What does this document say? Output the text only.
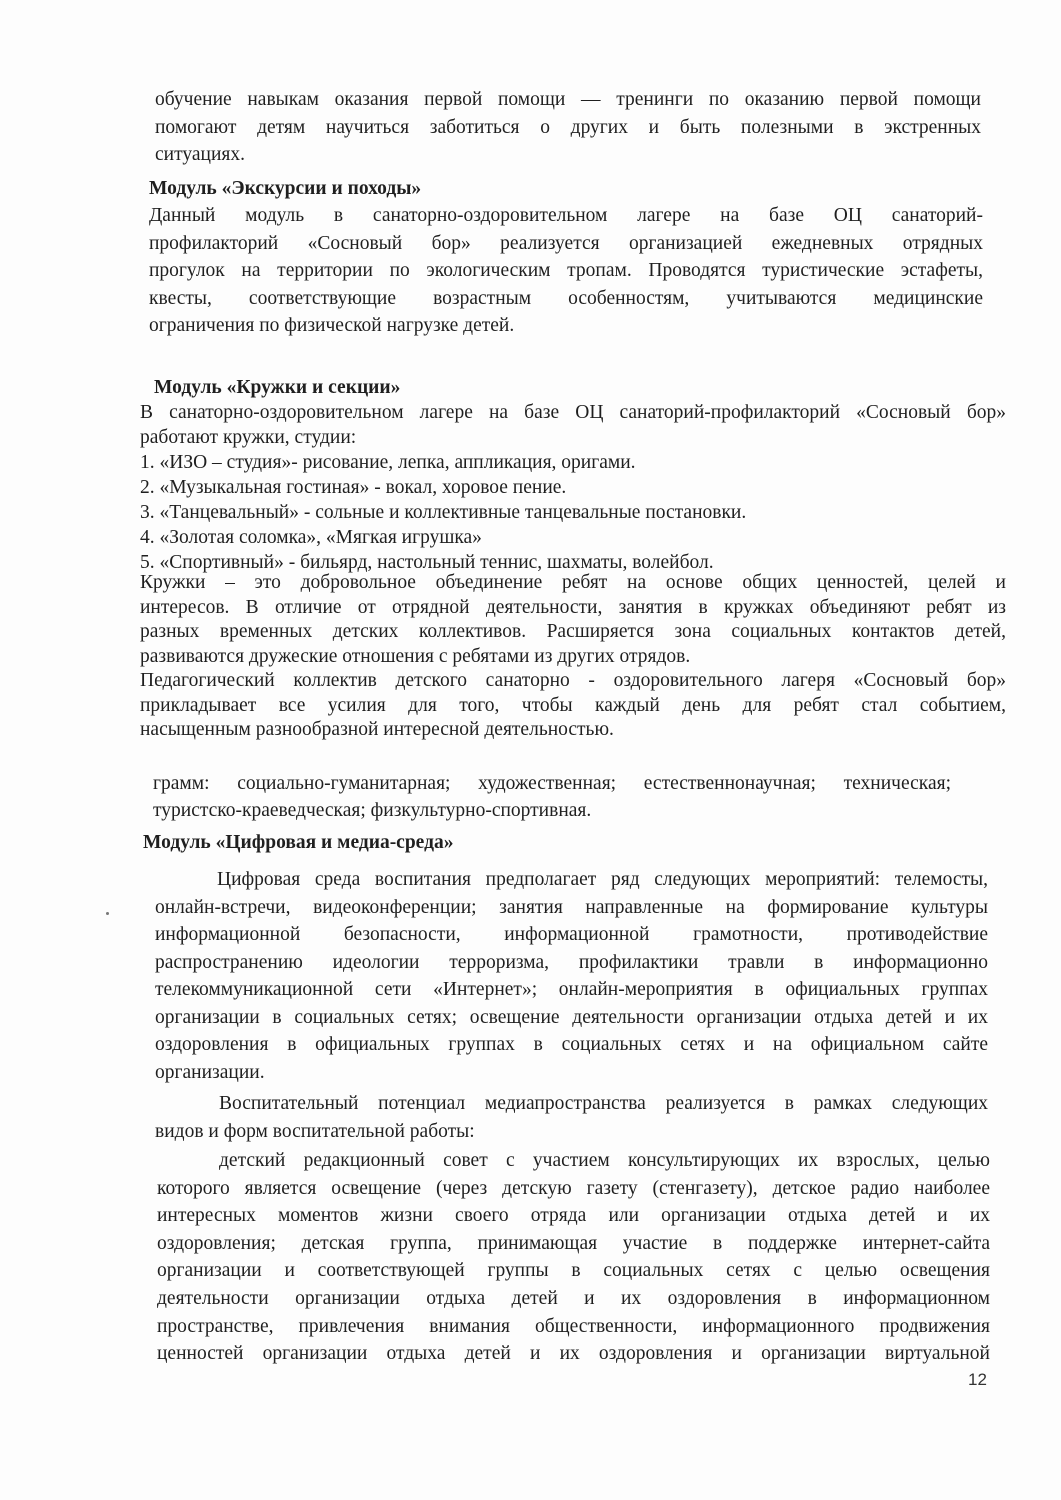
обучение навыкам оказания первой помощи — тренинги по оказанию первой помощи
помогают детям научиться заботиться о других и быть полезными в экстренных
ситуациях.
Модуль «Экскурсии и походы»
Данный модуль в санаторно-оздоровительном лагере на базе ОЦ санаторий-
профилакторий «Сосновый бор» реализуется организацией ежедневных отрядных
прогулок на территории по экологическим тропам. Проводятся туристические эстафеты,
квесты, соответствующие возрастным особенностям, учитываются медицинские
ограничения по физической нагрузке детей.
Модуль «Кружки и секции»
В санаторно-оздоровительном лагере на базе ОЦ санаторий-профилакторий «Сосновый бор»
работают кружки, студии:
1. «ИЗО – студия»- рисование, лепка, аппликация, оригами.
2. «Музыкальная гостиная» - вокал, хоровое пение.
3. «Танцевальный» - сольные и коллективные танцевальные постановки.
4. «Золотая соломка», «Мягкая игрушка»
5. «Спортивный» - бильярд, настольный теннис, шахматы, волейбол.
Кружки – это добровольное объединение ребят на основе общих ценностей, целей и
интересов. В отличие от отрядной деятельности, занятия в кружках объединяют ребят из
разных временных детских коллективов. Расширяется зона социальных контактов детей,
развиваются дружеские отношения с ребятами из других отрядов.
Педагогический коллектив детского санаторно - оздоровительного лагеря «Сосновый бор»
прикладывает все усилия для того, чтобы каждый день для ребят стал событием,
насыщенным разнообразной интересной деятельностью.
грамм: социально-гуманитарная; художественная; естественнонаучная; техническая;
туристско-краеведческая; физкультурно-спортивная.
Модуль «Цифровая и медиа-среда»
Цифровая среда воспитания предполагает ряд следующих мероприятий: телемосты,
онлайн-встречи, видеоконференции; занятия направленные на формирование культуры
информационной безопасности, информационной грамотности, противодействие
распространению идеологии терроризма, профилактики травли в информационно
телекоммуникационной сети «Интернет»; онлайн-мероприятия в официальных группах
организации в социальных сетях; освещение деятельности организации отдыха детей и их
оздоровления в официальных группах в социальных сетях и на официальном сайте
организации.
Воспитательный потенциал медиапространства реализуется в рамках следующих
видов и форм воспитательной работы:
детский редакционный совет с участием консультирующих их взрослых, целью
которого является освещение (через детскую газету (стенгазету), детское радио наиболее
интересных моментов жизни своего отряда или организации отдыха детей и их
оздоровления; детская группа, принимающая участие в поддержке интернет-сайта
организации и соответствующей группы в социальных сетях с целью освещения
деятельности организации отдыха детей и их оздоровления в информационном
пространстве, привлечения внимания общественности, информационного продвижения
ценностей организации отдыха детей и их оздоровления и организации виртуальной
12
